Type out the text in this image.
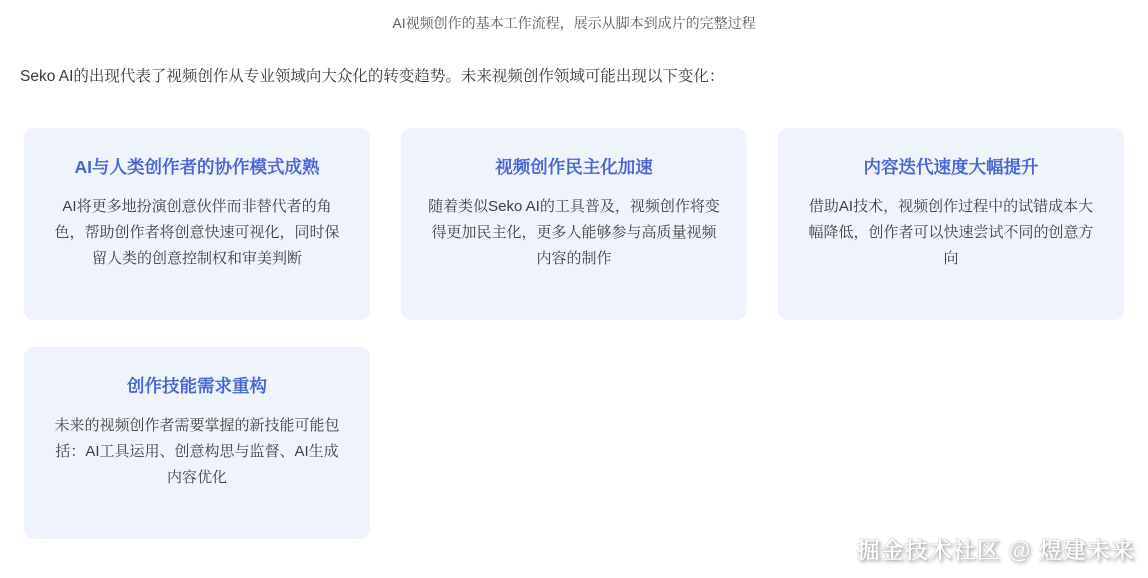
AI视频创作的基本工作流程，展示从脚本到成片的完整过程
Seko AI的出现代表了视频创作从专业领域向大众化的转变趋势。未来视频创作领域可能出现以下变化：
AI与人类创作者的协作模式成熟

AI将更多地扮演创意伙伴而非替代者的角色，帮助创作者将创意快速可视化，同时保留人类的创意控制权和审美判断

视频创作民主化加速

随着类似Seko AI的工具普及，视频创作将变得更加民主化，更多人能够参与高质量视频内容的制作

内容迭代速度大幅提升

借助AI技术，视频创作过程中的试错成本大幅降低，创作者可以快速尝试不同的创意方向

创作技能需求重构

未来的视频创作者需要掌握的新技能可能包括：AI工具运用、创意构思与监督、AI生成内容优化

掘金技术社区 @ 煜建未来
